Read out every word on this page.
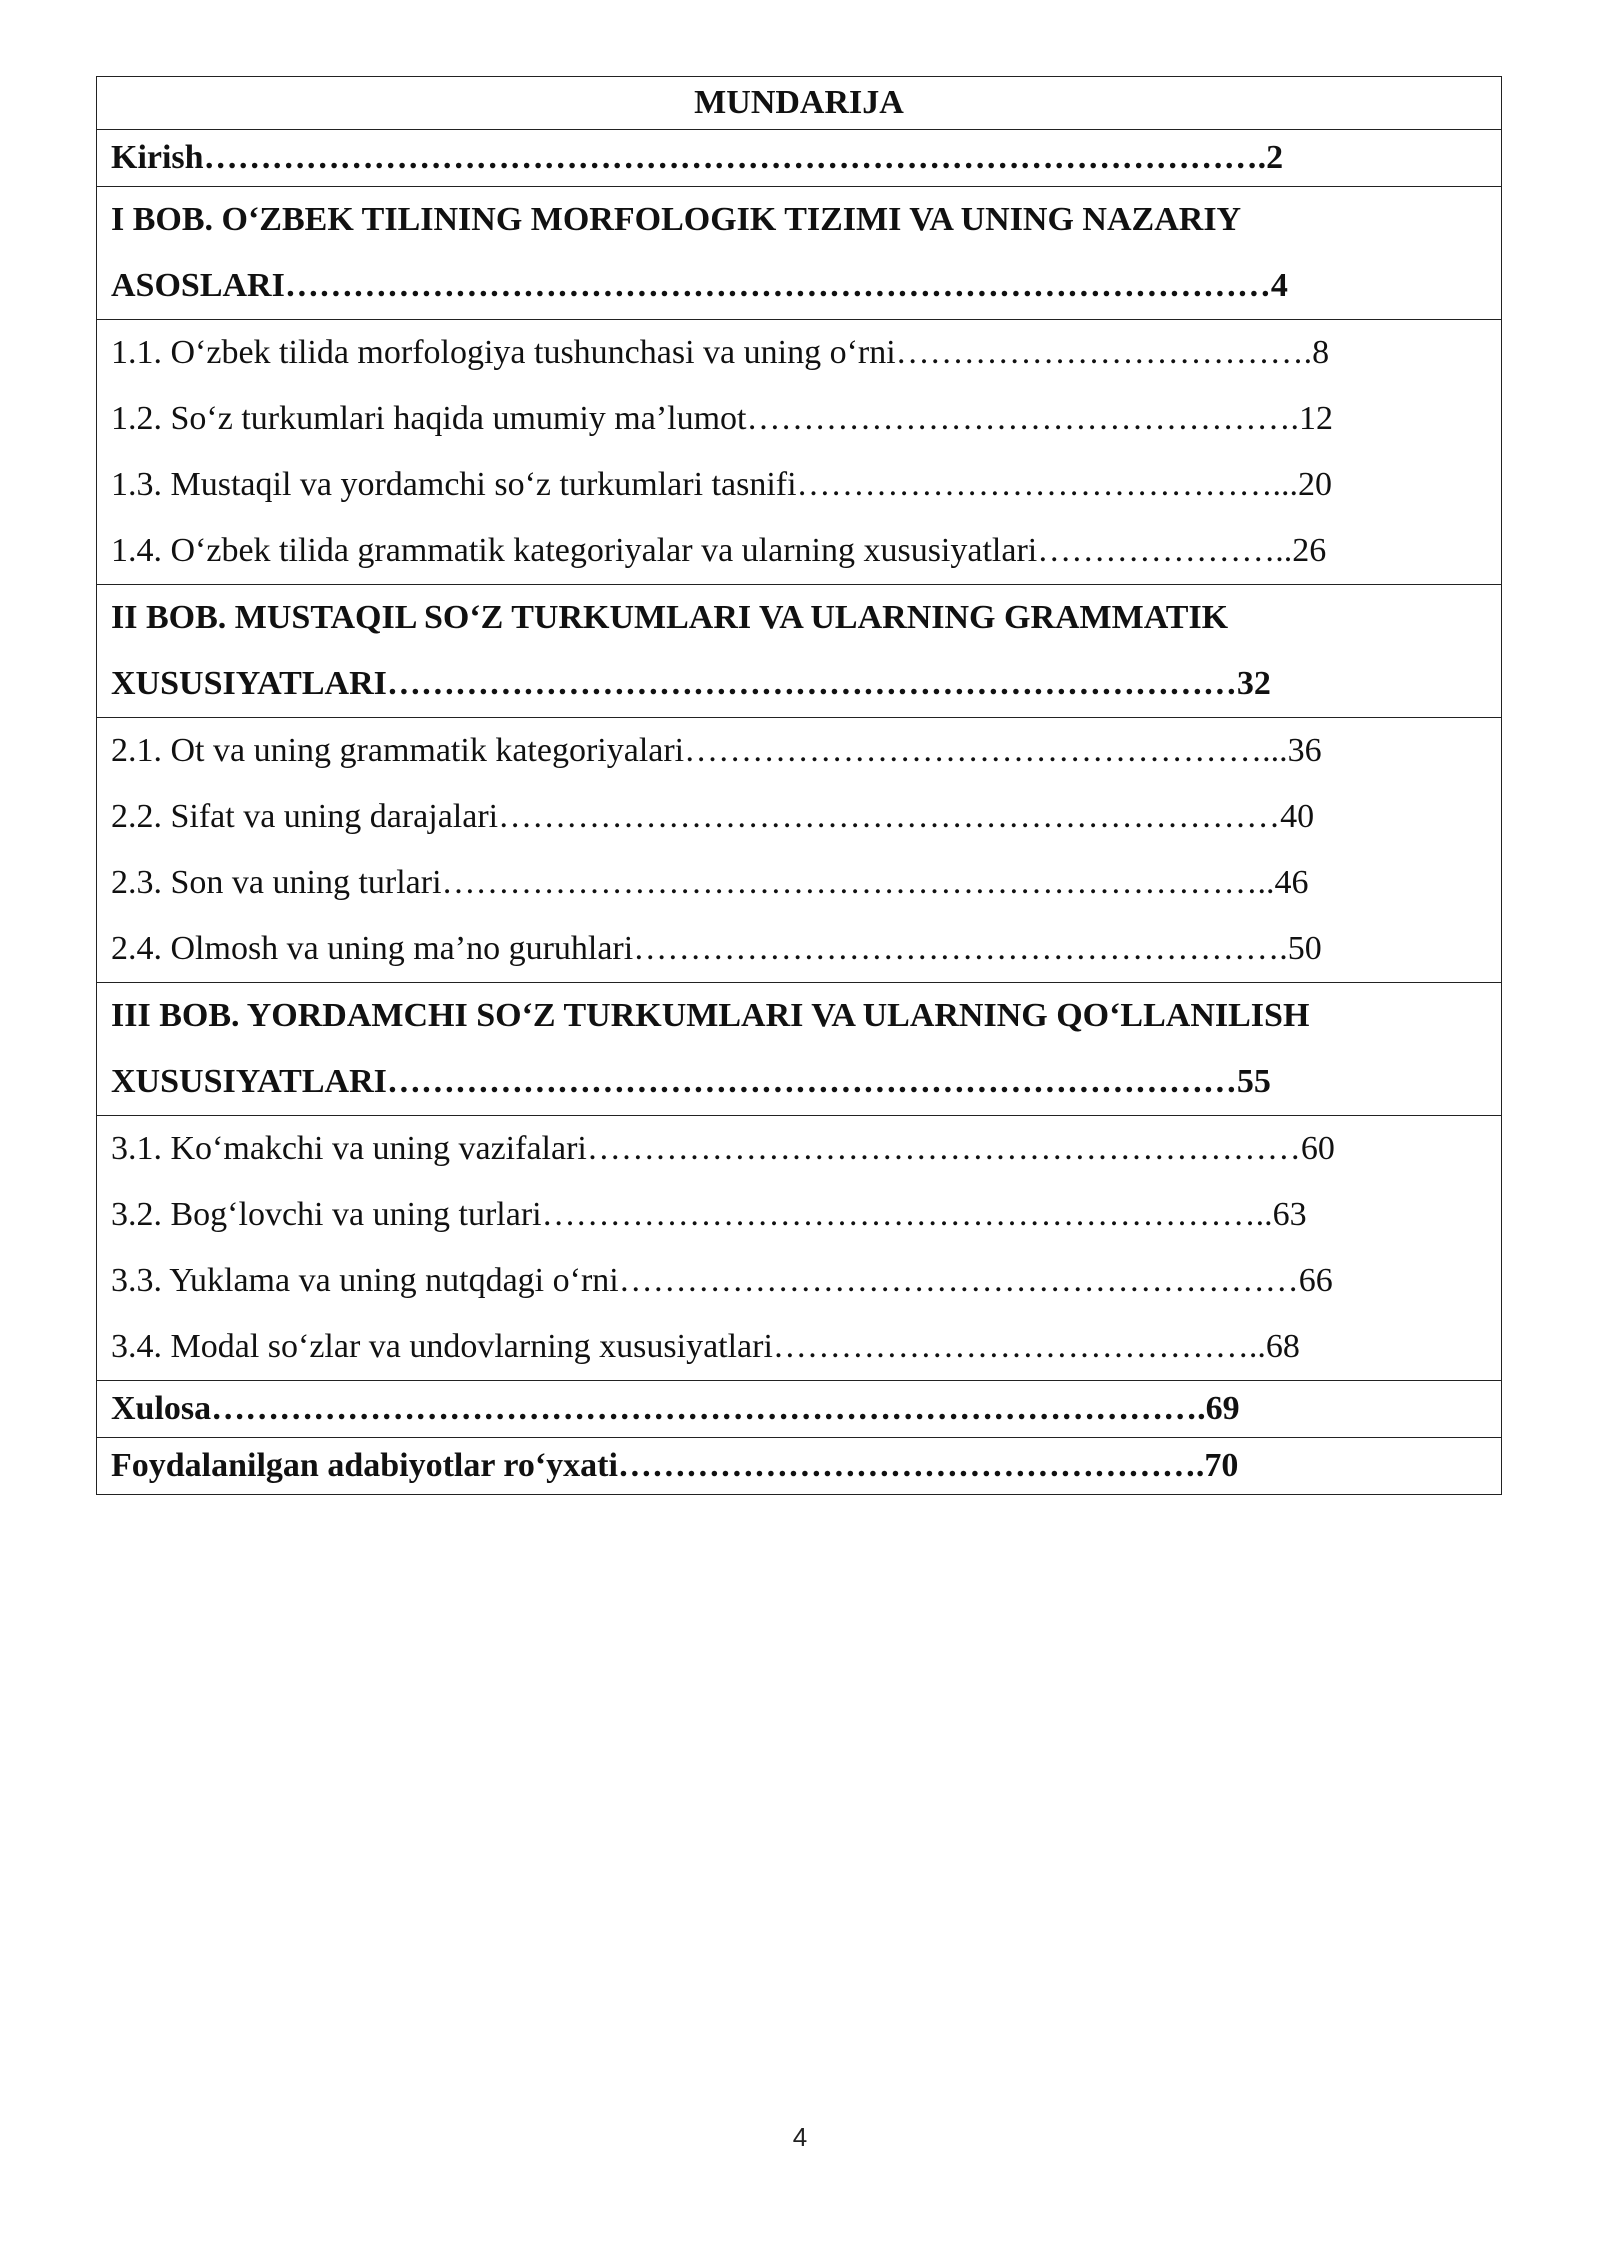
MUNDARIJA
Kirish………………………………………………………………………………….2

I BOB. O‘ZBEK TILINING MORFOLOGIK TIZIMI VA UNING NAZARIY
ASOSLARI……………………………………………………………………………4

1.1. O‘zbek tilida morfologiya tushunchasi va uning o‘rni……………………………….8
1.2. So‘z turkumlari haqida umumiy ma’lumot………………………………………….12
1.3. Mustaqil va yordamchi so‘z turkumlari tasnifi……………………………………...20
1.4. O‘zbek tilida grammatik kategoriyalar va ularning xususiyatlari…………………..26

II BOB. MUSTAQIL SO‘Z TURKUMLARI VA ULARNING GRAMMATIK
XUSUSIYATLARI…………………………………………………………………32

2.1. Ot va uning grammatik kategoriyalari……………………………………………...36
2.2. Sifat va uning darajalari……………………………………………………………40
2.3. Son va uning turlari………………………………………………………………..46
2.4. Olmosh va uning ma’no guruhlari………………………………………………….50

III BOB. YORDAMCHI SO‘Z TURKUMLARI VA ULARNING QO‘LLANILISH
XUSUSIYATLARI…………………………………………………………………55

3.1. Ko‘makchi va uning vazifalari………………………………………………………60
3.2. Bog‘lovchi va uning turlari………………………………………………………..63
3.3. Yuklama va uning nutqdagi o‘rni……………………………………………………66
3.4. Modal so‘zlar va undovlarning xususiyatlari……………………………………..68

Xulosa…………………………………………………………………………….69
Foydalanilgan adabiyotlar ro‘yxati…………………………………………….70
4
